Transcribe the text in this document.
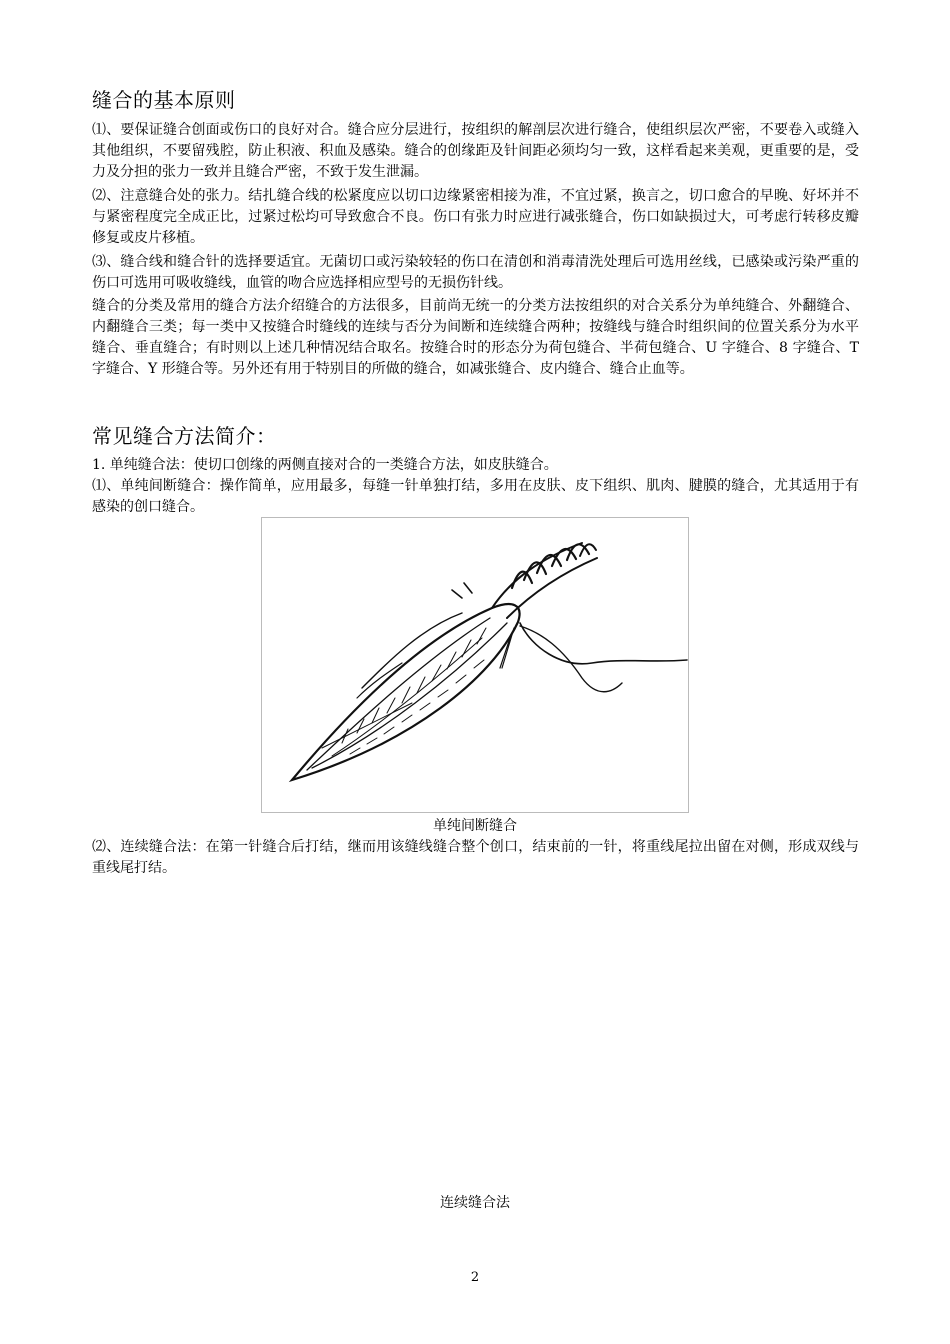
缝合的基本原则

⑴、要保证缝合创面或伤口的良好对合。缝合应分层进行，按组织的解剖层次进行缝合，使组织层次严密，不要卷入或缝入其他组织，不要留残腔，防止积液、积血及感染。缝合的创缘距及针间距必须均匀一致，这样看起来美观，更重要的是，受力及分担的张力一致并且缝合严密，不致于发生泄漏。

⑵、注意缝合处的张力。结扎缝合线的松紧度应以切口边缘紧密相接为准，不宜过紧，换言之，切口愈合的早晚、好坏并不与紧密程度完全成正比，过紧过松均可导致愈合不良。伤口有张力时应进行减张缝合，伤口如缺损过大，可考虑行转移皮瓣修复或皮片移植。

⑶、缝合线和缝合针的选择要适宜。无菌切口或污染较轻的伤口在清创和消毒清洗处理后可选用丝线，已感染或污染严重的伤口可选用可吸收缝线，血管的吻合应选择相应型号的无损伤针线。

缝合的分类及常用的缝合方法介绍缝合的方法很多，目前尚无统一的分类方法按组织的对合关系分为单纯缝合、外翻缝合、内翻缝合三类；每一类中又按缝合时缝线的连续与否分为间断和连续缝合两种；按缝线与缝合时组织间的位置关系分为水平缝合、垂直缝合；有时则以上述几种情况结合取名。按缝合时的形态分为荷包缝合、半荷包缝合、U 字缝合、8 字缝合、T 字缝合、Y 形缝合等。另外还有用于特别目的所做的缝合，如减张缝合、皮内缝合、缝合止血等。

常见缝合方法简介：

1. 单纯缝合法：使切口创缘的两侧直接对合的一类缝合方法，如皮肤缝合。

⑴、单纯间断缝合：操作简单，应用最多，每缝一针单独打结，多用在皮肤、皮下组织、肌肉、腱膜的缝合，尤其适用于有感染的创口缝合。

单纯间断缝合

⑵、连续缝合法：在第一针缝合后打结，继而用该缝线缝合整个创口，结束前的一针，将重线尾拉出留在对侧，形成双线与重线尾打结。

连续缝合法

2
